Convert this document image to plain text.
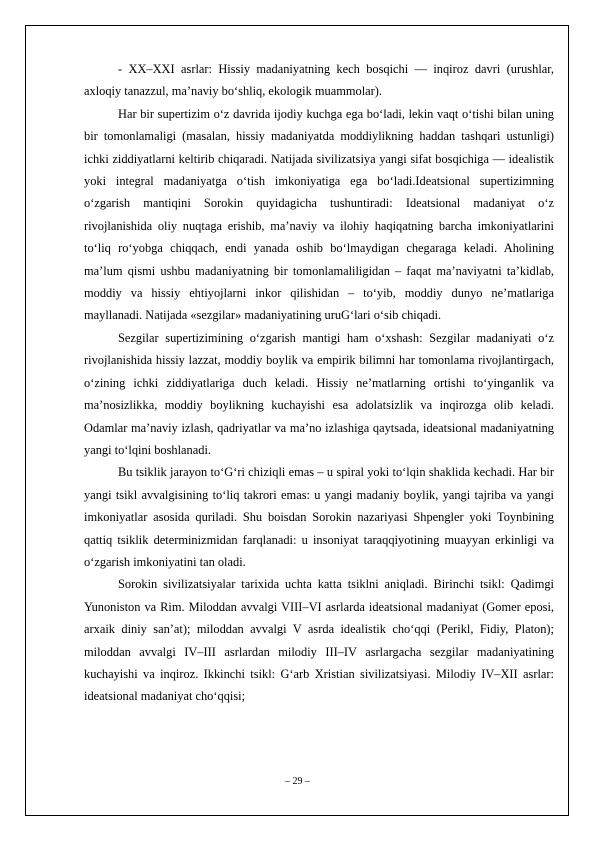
- XX–XXI asrlar: Hissiy madaniyatning kech bosqichi — inqiroz davri (urushlar, axloqiy tanazzul, ma’naviy bo‘shliq, ekologik muammolar).

Har bir supertizim o‘z davrida ijodiy kuchga ega bo‘ladi, lekin vaqt o‘tishi bilan uning bir tomonlamaligi (masalan, hissiy madaniyatda moddiylikning haddan tashqari ustunligi) ichki ziddiyatlarni keltirib chiqaradi. Natijada sivilizatsiya yangi sifat bosqichiga — idealistik yoki integral madaniyatga o‘tish imkoniyatiga ega bo‘ladi.Ideatsional supertizimning o‘zgarish mantiqini Sorokin quyidagicha tushuntiradi: Ideatsional madaniyat o‘z rivojlanishida oliy nuqtaga erishib, ma’naviy va ilohiy haqiqatning barcha imkoniyatlarini to‘liq ro‘yobga chiqqach, endi yanada oshib bo‘lmaydigan chegaraga keladi. Aholining ma’lum qismi ushbu madaniyatning bir tomonlamaliligidan – faqat ma’naviyatni ta’kidlab, moddiy va hissiy ehtiyojlarni inkor qilishidan – to‘yib, moddiy dunyo ne’matlariga mayllanadi. Natijada «sezgilar» madaniyatining uruG‘lari o‘sib chiqadi.

Sezgilar supertizimining o‘zgarish mantigi ham o‘xshash: Sezgilar madaniyati o‘z rivojlanishida hissiy lazzat, moddiy boylik va empirik bilimni har tomonlama rivojlantirgach, o‘zining ichki ziddiyatlariga duch keladi. Hissiy ne’matlarning ortishi to‘yinganlik va ma’nosizlikka, moddiy boylikning kuchayishi esa adolatsizlik va inqirozga olib keladi. Odamlar ma’naviy izlash, qadriyatlar va ma’no izlashiga qaytsada, ideatsional madaniyatning yangi to‘lqini boshlanadi.

Bu tsiklik jarayon to‘G‘ri chiziqli emas – u spiral yoki to‘lqin shaklida kechadi. Har bir yangi tsikl avvalgisining to‘liq takrori emas: u yangi madaniy boylik, yangi tajriba va yangi imkoniyatlar asosida quriladi. Shu boisdan Sorokin nazariyasi Shpengler yoki Toynbining qattiq tsiklik determinizmidan farqlanadi: u insoniyat taraqqiyotining muayyan erkinligi va o‘zgarish imkoniyatini tan oladi.

Sorokin sivilizatsiyalar tarixida uchta katta tsiklni aniqladi. Birinchi tsikl: Qadimgi Yunoniston va Rim. Miloddan avvalgi VIII–VI asrlarda ideatsional madaniyat (Gomer eposi, arxaik diniy san’at); miloddan avvalgi V asrda idealistik cho‘qqi (Perikl, Fidiy, Platon); miloddan avvalgi IV–III asrlardan milodiy III–IV asrlargacha sezgilar madaniyatining kuchayishi va inqiroz. Ikkinchi tsikl: G‘arb Xristian sivilizatsiyasi. Milodiy IV–XII asrlar: ideatsional madaniyat cho‘qqisi;

– 29 –
